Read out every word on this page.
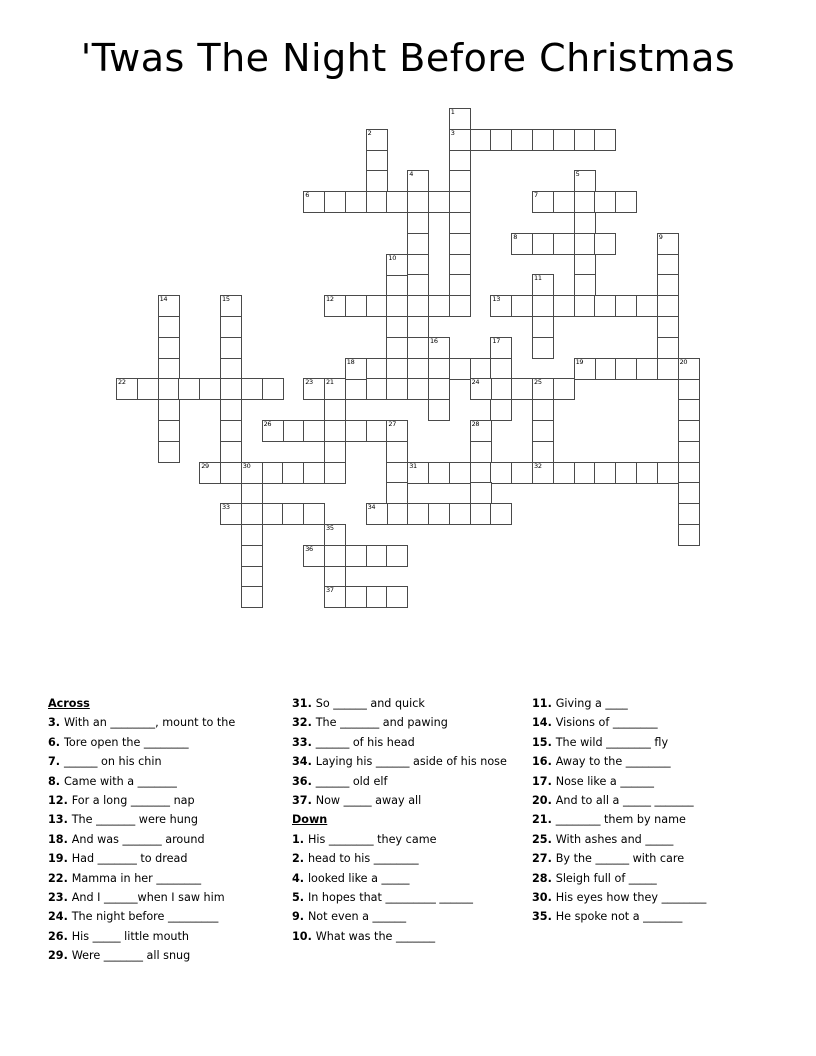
'Twas The Night Before Christmas
1
2	3
4	5
6	7
8	9
10
11
14	15	12	13
16	17
18	19	20
22	23 21	24	25
26	27	28
29	30	31	32
33	34
35
36
37
Across
3. With an ________, mount to the
6. Tore open the ________
7. ______ on his chin
8. Came with a _______
12. For a long _______ nap
13. The _______ were hung
18. And was _______ around
19. Had _______ to dread
22. Mamma in her ________
23. And I ______when I saw him
24. The night before _________
26. His _____ little mouth
29. Were _______ all snug
31. So ______ and quick
32. The _______ and pawing
33. ______ of his head
34. Laying his ______ aside of his nose
36. ______ old elf
37. Now _____ away all
Down
1. His ________ they came
2. head to his ________
4. looked like a _____
5. In hopes that _________ ______
9. Not even a ______
10. What was the _______
11. Giving a ____
14. Visions of ________
15. The wild ________ fly
16. Away to the ________
17. Nose like a ______
20. And to all a _____ _______
21. ________ them by name
25. With ashes and _____
27. By the ______ with care
28. Sleigh full of _____
30. His eyes how they ________
35. He spoke not a _______
